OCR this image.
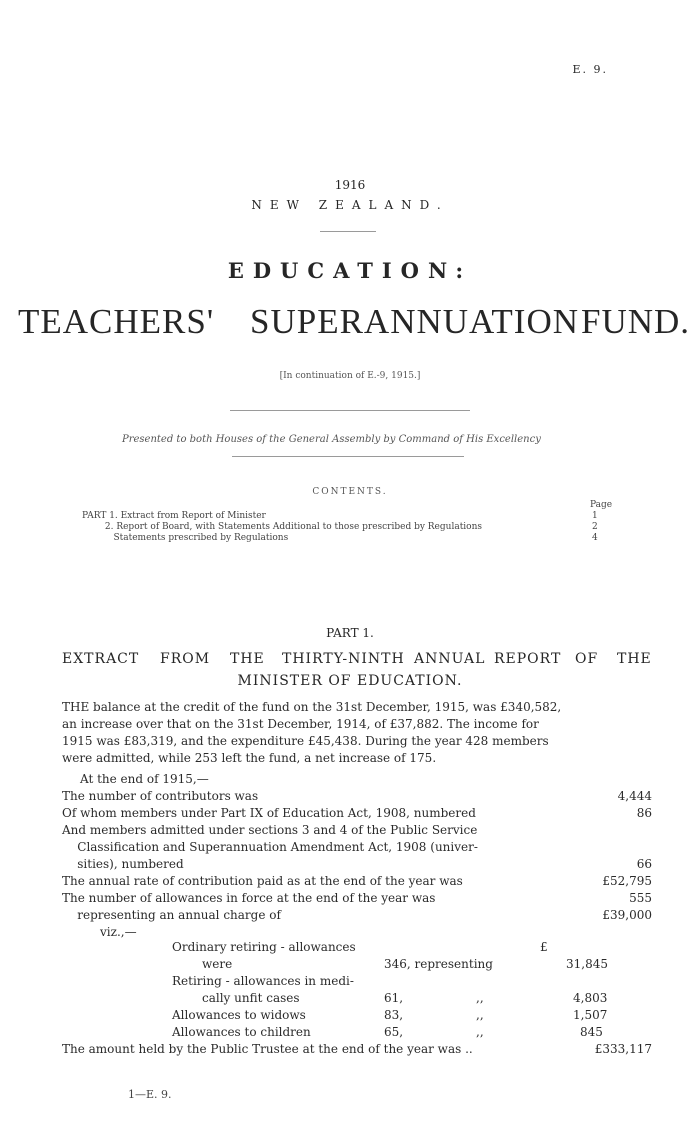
E. 9.
1916
NEW ZEALAND.
EDUCATION:
TEACHERS' SUPERANNUATION FUND.
[In continuation of E.-9, 1915.]
Presented to both Houses of the General Assembly by Command of His Excellency
CONTENTS.
Page
PART 1. Extract from Report of Minister	1
2. Report of Board, with Statements Additional to those prescribed by Regulations	2
Statements prescribed by Regulations	4
PART 1.
EXTRACT FROM THE THIRTY-NINTH ANNUAL REPORT OF THE
MINISTER OF EDUCATION.
THE balance at the credit of the fund on the 31st December, 1915, was £340,582,
an increase over that on the 31st December, 1914, of £37,882. The income for
1915 was £83,319, and the expenditure £45,438. During the year 428 members
were admitted, while 253 left the fund, a net increase of 175.
At the end of 1915,—
The number of contributors was	4,444
Of whom members under Part IX of Education Act, 1908, numbered	86
And members admitted under sections 3 and 4 of the Public Service
Classification and Superannuation Amendment Act, 1908 (univer-
sities), numbered	66
The annual rate of contribution paid as at the end of the year was	£52,795
The number of allowances in force at the end of the year was	555
representing an annual charge of	£39,000
viz.,—
£
Ordinary retiring - allowances
were	346, representing	31,845
Retiring - allowances in medi-
cally unfit cases	61,	,,	4,803
Allowances to widows	83,	,,	1,507
Allowances to children	65,	,,	845
The amount held by the Public Trustee at the end of the year was ..	£333,117
1—E. 9.
